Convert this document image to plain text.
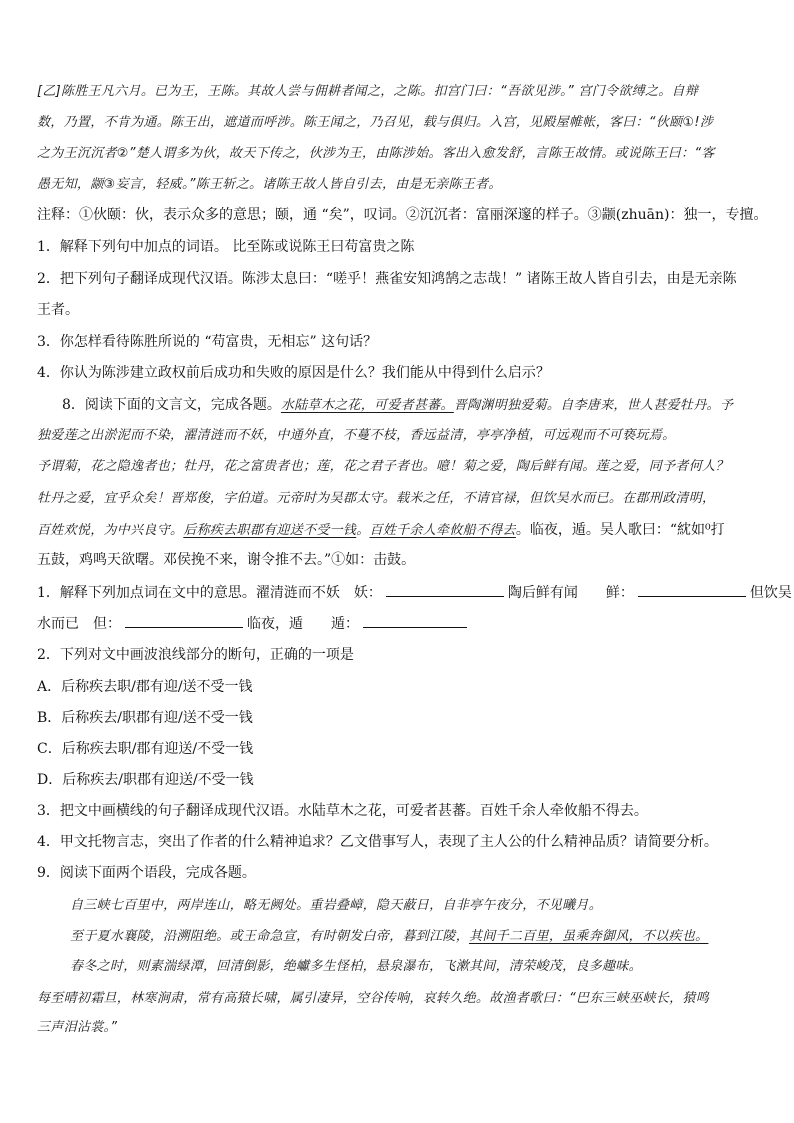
[乙]陈胜王凡六月。已为王，王陈。其故人尝与佣耕者闻之，之陈。扣宫门曰：“吾欲见涉。” 宫门令欲缚之。自辩
数，乃置，不肯为通。陈王出，遮道而呼涉。陈王闻之，乃召见，载与俱归。入宫，见殿屋帷帐，客曰：“伙颐①!涉
之为王沉沉者②”楚人谓多为伙，故天下传之，伙涉为王，由陈涉始。客出入愈发舒，言陈王故情。或说陈王曰：“客
愚无知，颛③妄言，轻威。”陈王斩之。诸陈王故人皆自引去，由是无亲陈王者。
注释：①伙颐：伙，表示众多的意思；颐，通 “矣”，叹词。②沉沉者：富丽深邃的样子。③颛(zhuān)：独一，专擅。
1．解释下列句中加点的词语。 比至陈或说陈王曰苟富贵之陈
2．把下列句子翻译成现代汉语。陈涉太息曰：“嗟乎！燕雀安知鸿鹄之志哉！” 诸陈王故人皆自引去，由是无亲陈
王者。
3．你怎样看待陈胜所说的 “苟富贵，无相忘” 这句话？
4．你认为陈涉建立政权前后成功和失败的原因是什么？我们能从中得到什么启示？
8．阅读下面的文言文，完成各题。水陆草木之花，可爱者甚蕃。晋陶渊明独爱菊。自李唐来，世人甚爱牡丹。予
独爱莲之出淤泥而不染，濯清涟而不妖，中通外直，不蔓不枝，香远益清，亭亭净植，可远观而不可亵玩焉。
予谓菊，花之隐逸者也；牡丹，花之富贵者也；莲，花之君子者也。噫！菊之爱，陶后鲜有闻。莲之爱，同予者何人？
牡丹之爱，宜乎众矣！晋郑俊，字伯道。元帝时为吴郡太守。载米之任，不请官禄，但饮吴水而已。在郡刑政清明，
百姓欢悦，为中兴良守。后称疾去职郡有迎送不受一钱。百姓千余人牵攸船不得去。临夜，遁。吴人歌曰：“紞如⁰打
五鼓，鸡鸣天欲曙。邓侯挽不来，谢令推不去。”①如：击鼓。
1．解释下列加点词在文中的意思。濯清涟而不妖　妖：	陶后鲜有闻　　鲜：	但饮吴
水而已　但：	临夜，遁　　遁：
2．下列对文中画波浪线部分的断句，正确的一项是
A．后称疾去职/郡有迎/送不受一钱
B．后称疾去/职郡有迎/送不受一钱
C．后称疾去职/郡有迎送/不受一钱
D．后称疾去/职郡有迎送/不受一钱
3．把文中画横线的句子翻译成现代汉语。水陆草木之花，可爱者甚蕃。百姓千余人牵攸船不得去。
4．甲文托物言志，突出了作者的什么精神追求？乙文借事写人，表现了主人公的什么精神品质？请简要分析。
9．阅读下面两个语段，完成各题。
自三峡七百里中，两岸连山，略无阙处。重岩叠嶂，隐天蔽日，自非亭午夜分，不见曦月。
至于夏水襄陵，沿溯阻绝。或王命急宣，有时朝发白帝，暮到江陵，其间千二百里，虽乘奔御风，不以疾也。
春冬之时，则素湍绿潭，回清倒影，绝巘多生怪柏，悬泉瀑布，飞漱其间，清荣峻茂，良多趣味。
每至晴初霜旦，林寒涧肃，常有高猿长啸，属引凄异，空谷传响，哀转久绝。故渔者歌曰：“巴东三峡巫峡长，猿鸣
三声泪沾裳。”
